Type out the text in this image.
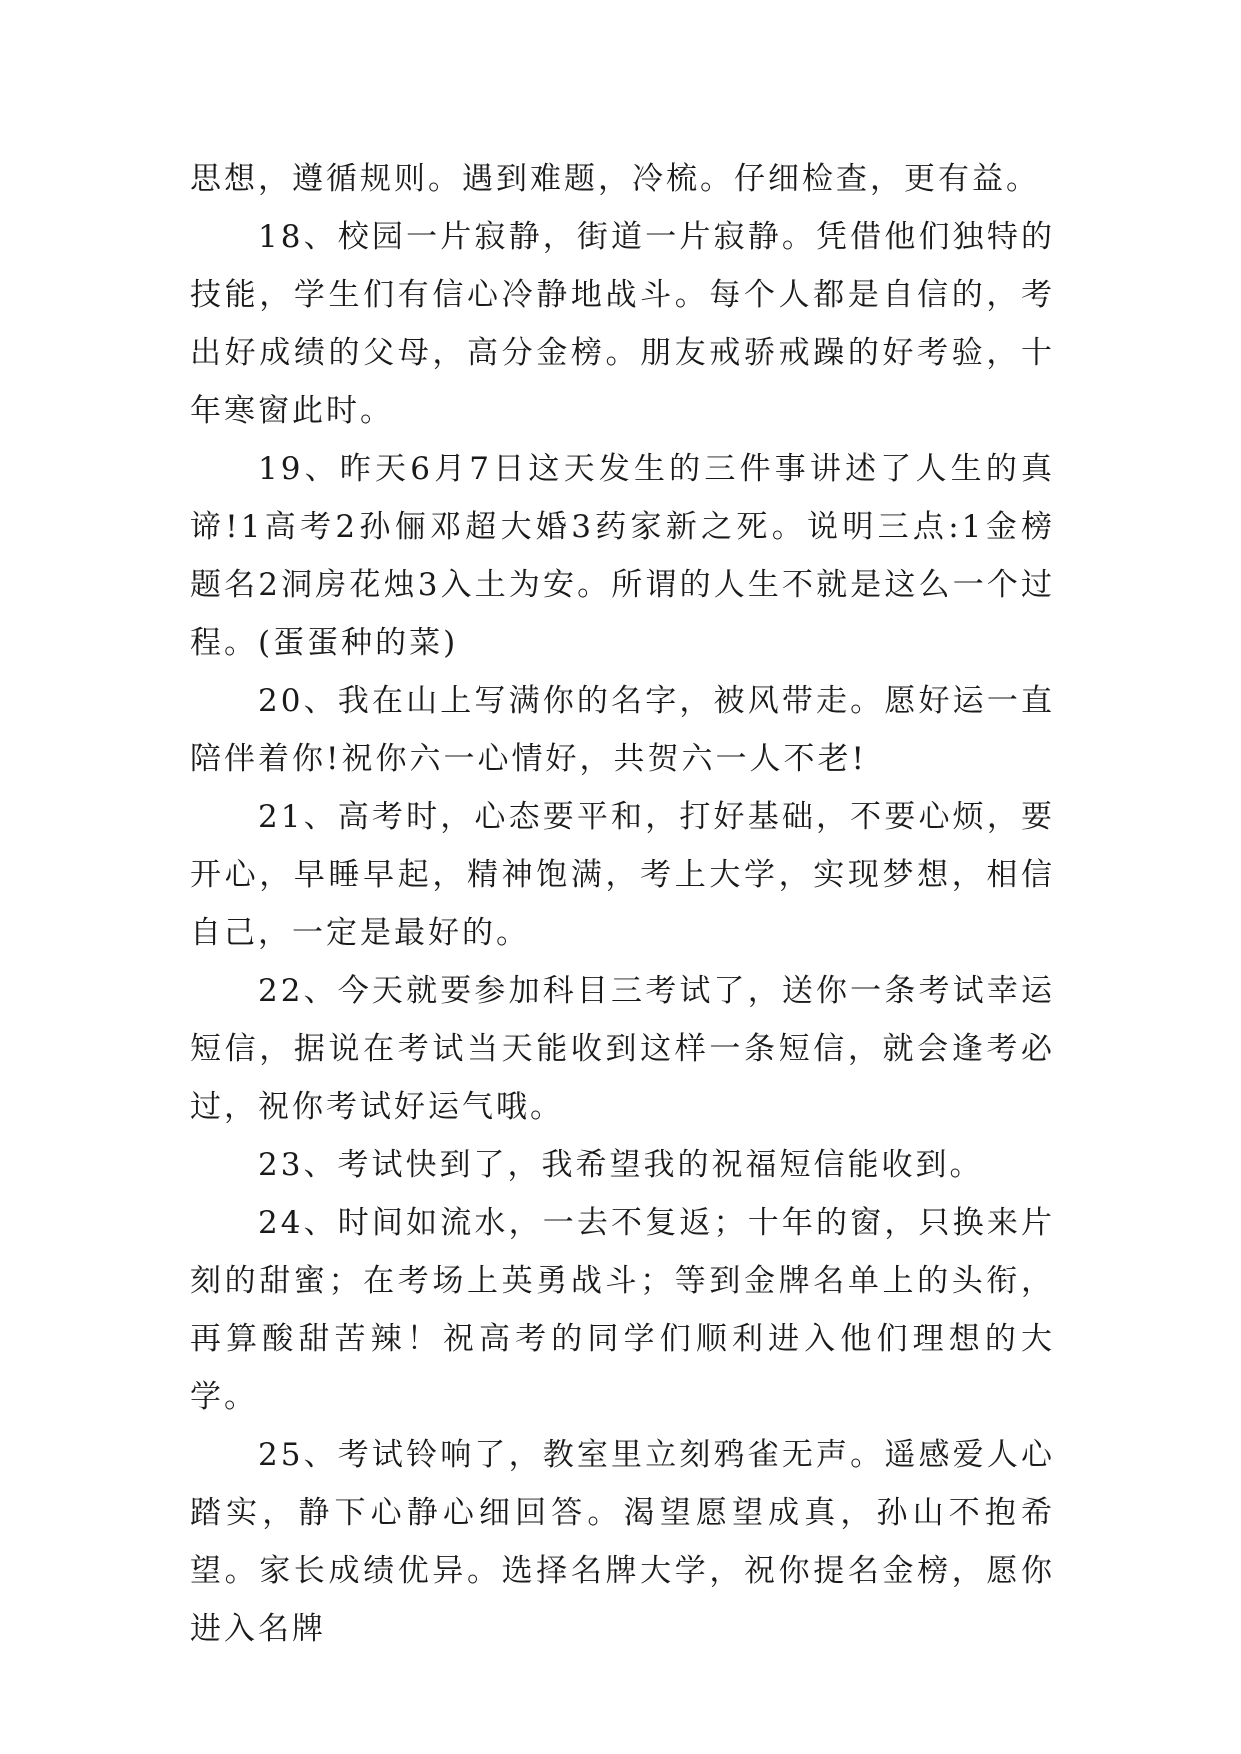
思想，遵循规则。遇到难题，冷梳。仔细检查，更有益。

18、校园一片寂静，街道一片寂静。凭借他们独特的技能，学生们有信心冷静地战斗。每个人都是自信的，考出好成绩的父母，高分金榜。朋友戒骄戒躁的好考验，十年寒窗此时。

19、昨天6月7日这天发生的三件事讲述了人生的真谛!1高考2孙俪邓超大婚3药家新之死。说明三点:1金榜题名2洞房花烛3入土为安。所谓的人生不就是这么一个过程。(蛋蛋种的菜)

20、我在山上写满你的名字，被风带走。愿好运一直陪伴着你!祝你六一心情好，共贺六一人不老!

21、高考时，心态要平和，打好基础，不要心烦，要开心，早睡早起，精神饱满，考上大学，实现梦想，相信自己，一定是最好的。

22、今天就要参加科目三考试了，送你一条考试幸运短信，据说在考试当天能收到这样一条短信，就会逢考必过，祝你考试好运气哦。

23、考试快到了，我希望我的祝福短信能收到。

24、时间如流水，一去不复返；十年的窗，只换来片刻的甜蜜；在考场上英勇战斗；等到金牌名单上的头衔，再算酸甜苦辣！祝高考的同学们顺利进入他们理想的大学。

25、考试铃响了，教室里立刻鸦雀无声。遥感爱人心踏实，静下心静心细回答。渴望愿望成真，孙山不抱希望。家长成绩优异。选择名牌大学，祝你提名金榜，愿你进入名牌
